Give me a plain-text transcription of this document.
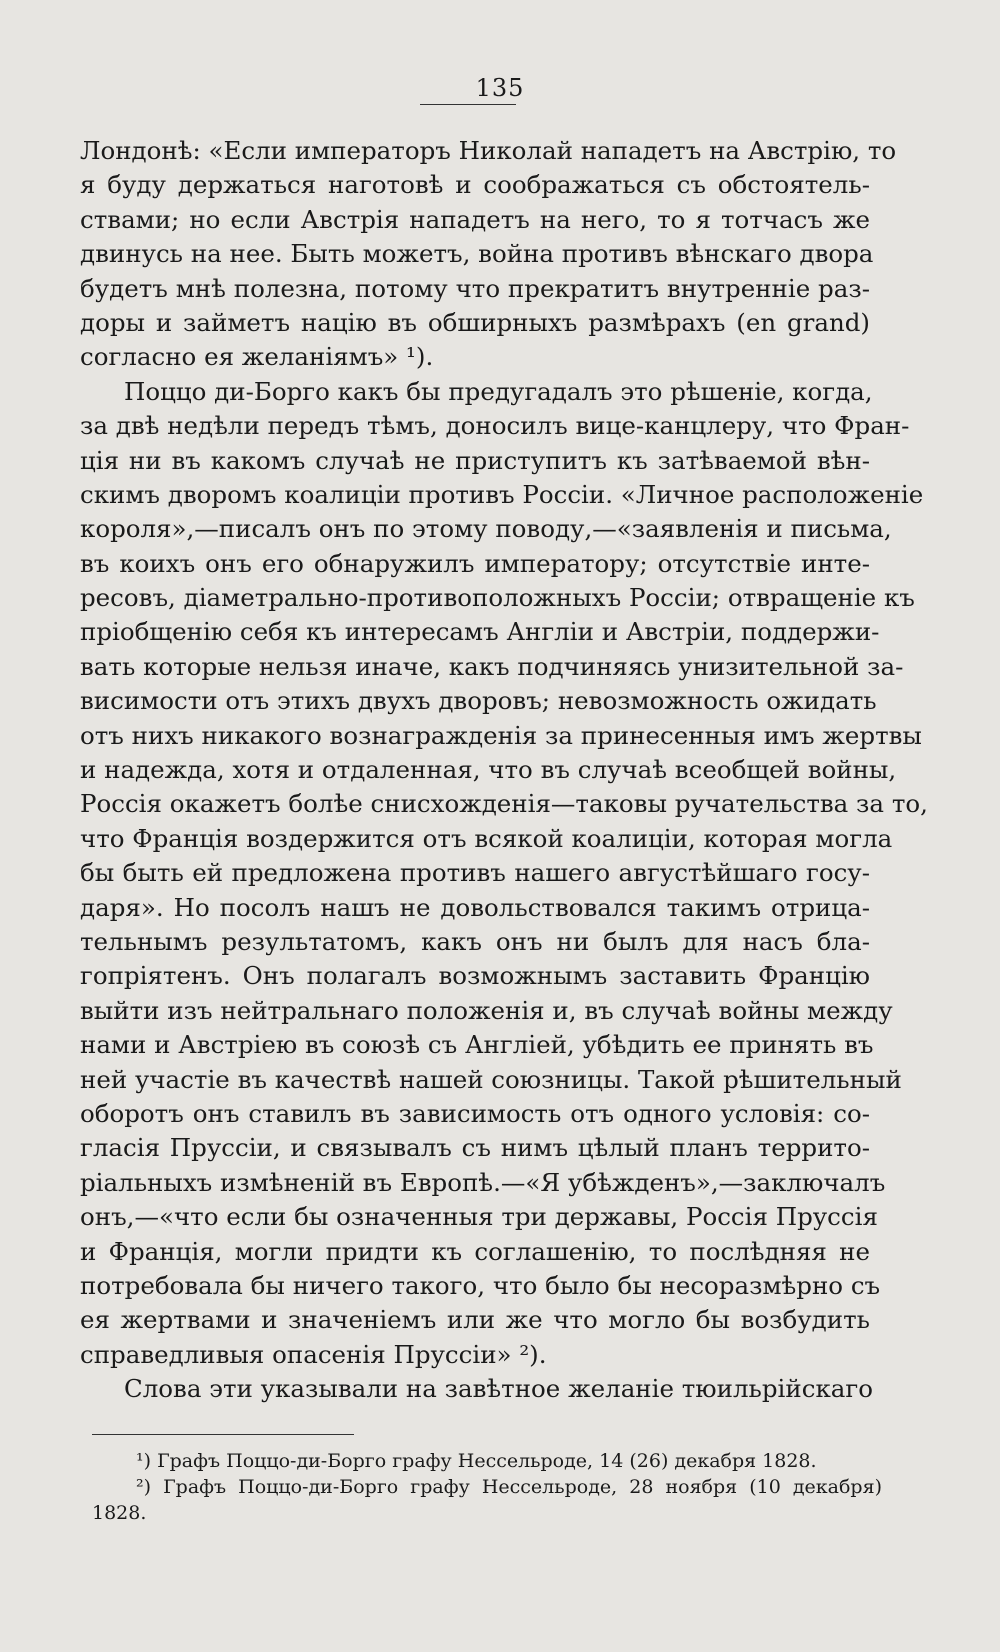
135
Лондонѣ: «Если императоръ Николай нападетъ на Австрію, то
я буду держаться наготовѣ и соображаться съ обстоятель-
ствами; но если Австрія нападетъ на него, то я тотчасъ же
двинусь на нее. Быть можетъ, война противъ вѣнскаго двора
будетъ мнѣ полезна, потому что прекратитъ внутренніе раз-
доры и займетъ націю въ обширныхъ размѣрахъ (en grand)
согласно ея желаніямъ» ¹).
Поццо ди-Борго какъ бы предугадалъ это рѣшеніе, когда,
за двѣ недѣли передъ тѣмъ, доносилъ вице-канцлеру, что Фран-
ція ни въ какомъ случаѣ не приступитъ къ затѣваемой вѣн-
скимъ дворомъ коалиціи противъ Россіи. «Личное расположеніе
короля»,—писалъ онъ по этому поводу,—«заявленія и письма,
въ коихъ онъ его обнаружилъ императору; отсутствіе инте-
ресовъ, діаметрально-противоположныхъ Россіи; отвращеніе къ
пріобщенію себя къ интересамъ Англіи и Австріи, поддержи-
вать которые нельзя иначе, какъ подчиняясь унизительной за-
висимости отъ этихъ двухъ дворовъ; невозможность ожидать
отъ нихъ никакого вознагражденія за принесенныя имъ жертвы
и надежда, хотя и отдаленная, что въ случаѣ всеобщей войны,
Россія окажетъ болѣе снисхожденія—таковы ручательства за то,
что Франція воздержится отъ всякой коалиціи, которая могла
бы быть ей предложена противъ нашего августѣйшаго госу-
даря». Но посолъ нашъ не довольствовался такимъ отрица-
тельнымъ результатомъ, какъ онъ ни былъ для насъ бла-
гопріятенъ. Онъ полагалъ возможнымъ заставить Францію
выйти изъ нейтральнаго положенія и, въ случаѣ войны между
нами и Австріею въ союзѣ съ Англіей, убѣдить ее принять въ
ней участіе въ качествѣ нашей союзницы. Такой рѣшительный
оборотъ онъ ставилъ въ зависимость отъ одного условія: со-
гласія Пруссіи, и связывалъ съ нимъ цѣлый планъ террито-
ріальныхъ измѣненій въ Европѣ.—«Я убѣжденъ»,—заключалъ
онъ,—«что если бы означенныя три державы, Россія Пруссія
и Франція, могли придти къ соглашенію, то послѣдняя не
потребовала бы ничего такого, что было бы несоразмѣрно съ
ея жертвами и значеніемъ или же что могло бы возбудить
справедливыя опасенія Пруссіи» ²).
Слова эти указывали на завѣтное желаніе тюильрійскаго
¹) Графъ Поццо-ди-Борго графу Нессельроде, 14 (26) декабря 1828.
²) Графъ Поццо-ди-Борго графу Нессельроде, 28 ноября (10 декабря)
1828.
